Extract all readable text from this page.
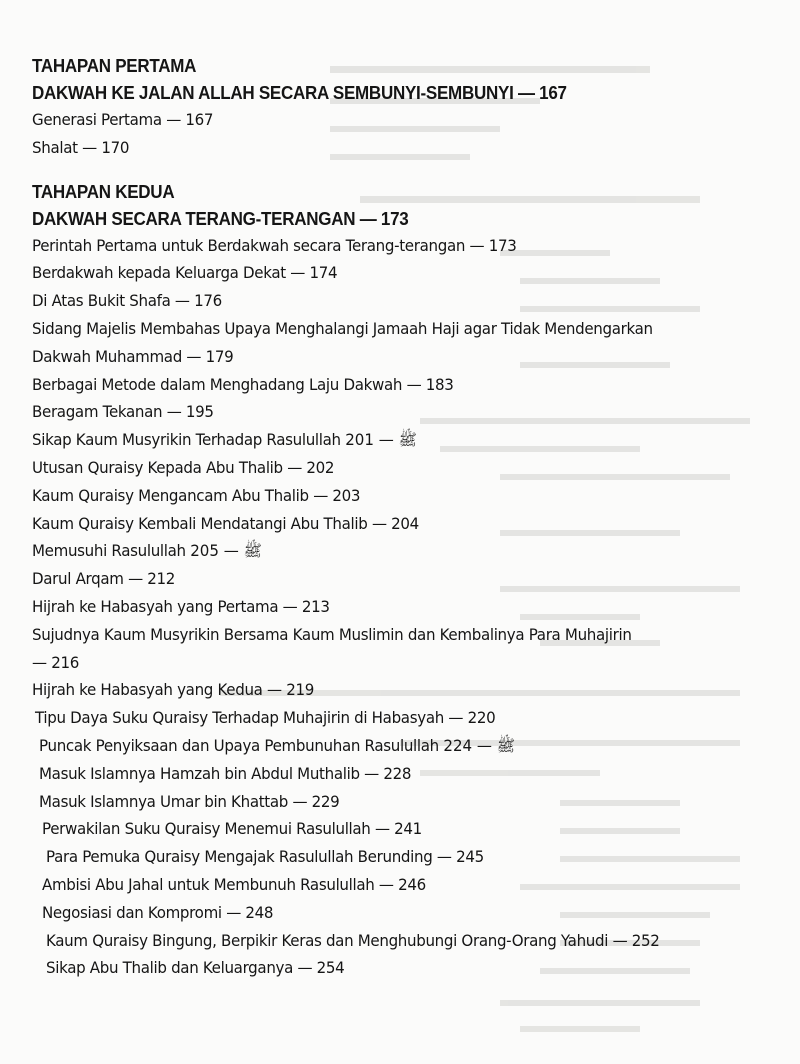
TAHAPAN PERTAMA
DAKWAH KE JALAN ALLAH SECARA SEMBUNYI-SEMBUNYI — 167
Generasi Pertama — 167
Shalat — 170
TAHAPAN KEDUA
DAKWAH SECARA TERANG-TERANGAN — 173
Perintah Pertama untuk Berdakwah secara Terang-terangan — 173
Berdakwah kepada Keluarga Dekat — 174
Di Atas Bukit Shafa — 176
Sidang Majelis Membahas Upaya Menghalangi Jamaah Haji agar Tidak Mendengarkan
Dakwah Muhammad — 179
Berbagai Metode dalam Menghadang Laju Dakwah — 183
Beragam Tekanan — 195
Sikap Kaum Musyrikin Terhadap Rasulullah ﷺ — 201
Utusan Quraisy Kepada Abu Thalib — 202
Kaum Quraisy Mengancam Abu Thalib — 203
Kaum Quraisy Kembali Mendatangi Abu Thalib — 204
Memusuhi Rasulullah ﷺ — 205
Darul Arqam — 212
Hijrah ke Habasyah yang Pertama — 213
Sujudnya Kaum Musyrikin Bersama Kaum Muslimin dan Kembalinya Para Muhajirin
— 216
Hijrah ke Habasyah yang Kedua — 219
Tipu Daya Suku Quraisy Terhadap Muhajirin di Habasyah — 220
Puncak Penyiksaan dan Upaya Pembunuhan Rasulullah ﷺ — 224
Masuk Islamnya Hamzah bin Abdul Muthalib — 228
Masuk Islamnya Umar bin Khattab — 229
Perwakilan Suku Quraisy Menemui Rasulullah — 241
Para Pemuka Quraisy Mengajak Rasulullah Berunding — 245
Ambisi Abu Jahal untuk Membunuh Rasulullah — 246
Negosiasi dan Kompromi — 248
Kaum Quraisy Bingung, Berpikir Keras dan Menghubungi Orang-Orang Yahudi — 252
Sikap Abu Thalib dan Keluarganya — 254
